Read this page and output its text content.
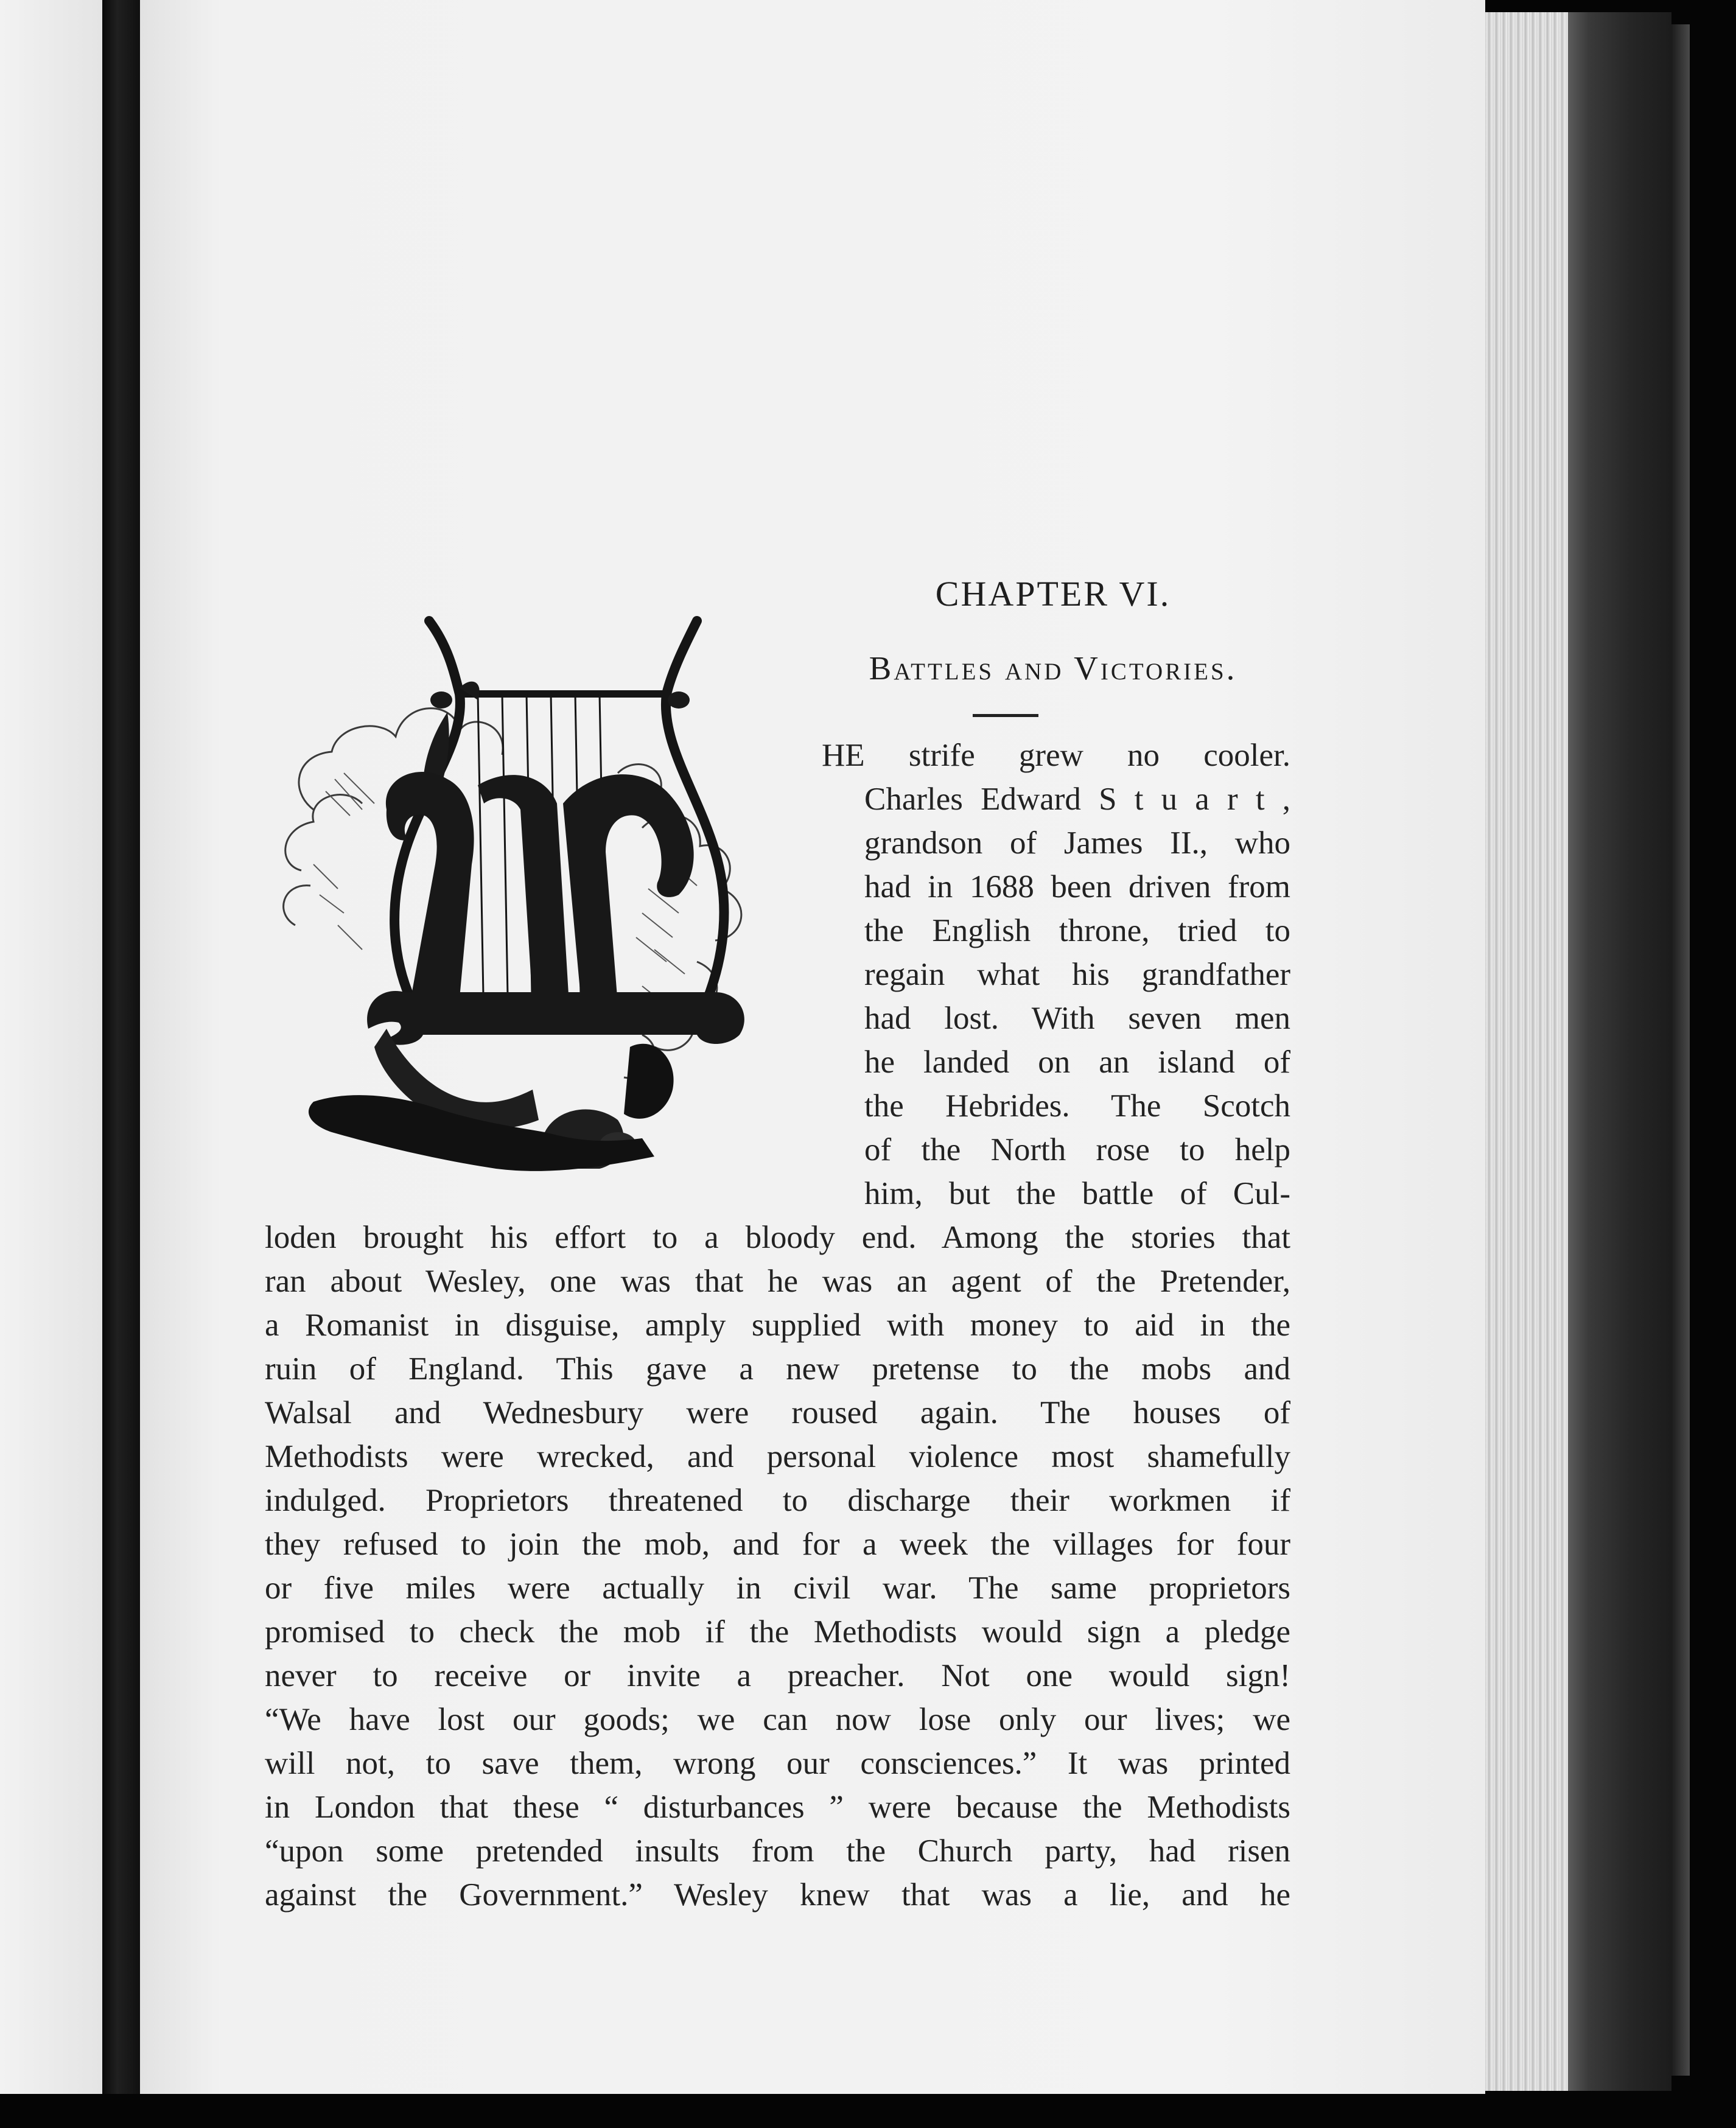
CHAPTER VI.
Battles and Victories.
HE strife grew no cooler.
Charles Edward S t u a r t ,
grandson of James II., who
had in 1688 been driven from
the English throne, tried to
regain what his grandfather
had lost. With seven men
he landed on an island of
the Hebrides. The Scotch
of the North rose to help
him, but the battle of Cul-
loden brought his effort to a bloody end. Among the stories that
ran about Wesley, one was that he was an agent of the Pretender,
a Romanist in disguise, amply supplied with money to aid in the
ruin of England. This gave a new pretense to the mobs and
Walsal and Wednesbury were roused again. The houses of
Methodists were wrecked, and personal violence most shamefully
indulged. Proprietors threatened to discharge their workmen if
they refused to join the mob, and for a week the villages for four
or five miles were actually in civil war. The same proprietors
promised to check the mob if the Methodists would sign a pledge
never to receive or invite a preacher. Not one would sign!
“We have lost our goods; we can now lose only our lives; we
will not, to save them, wrong our consciences.” It was printed
in London that these “ disturbances ” were because the Methodists
“upon some pretended insults from the Church party, had risen
against the Government.” Wesley knew that was a lie, and he
